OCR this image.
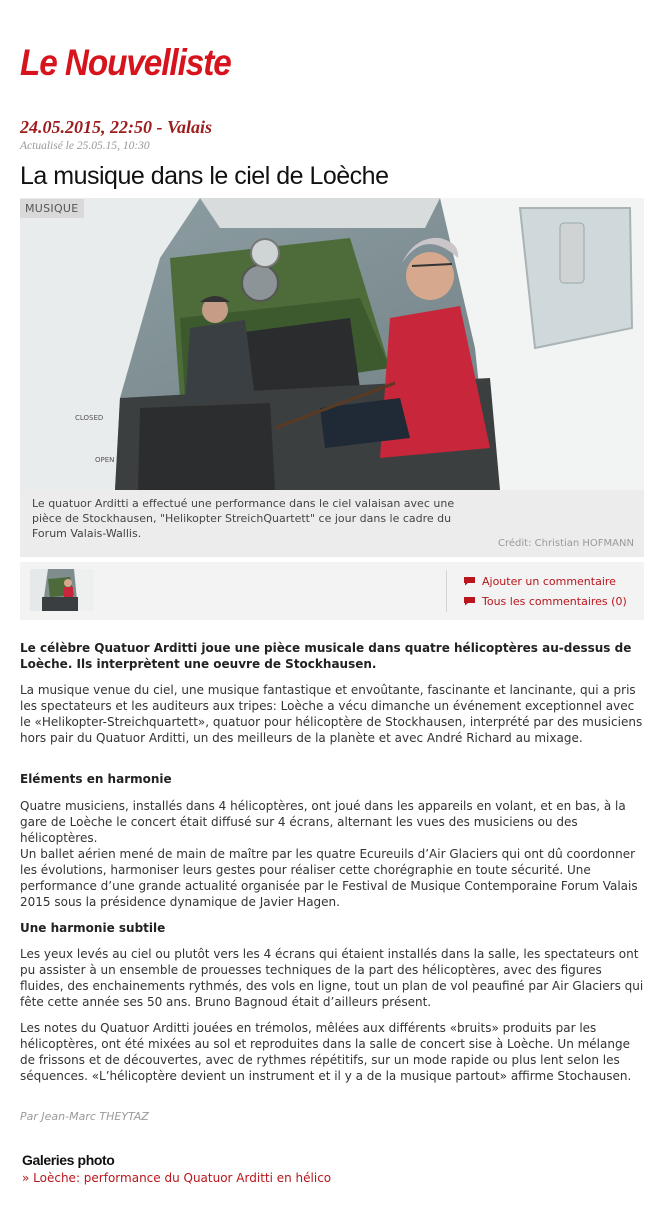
Le Nouvelliste
24.05.2015, 22:50 - Valais
Actualisé le 25.05.15, 10:30
La musique dans le ciel de Loèche
CLOSED
OPEN
MUSIQUE
Le quatuor Arditti a effectué une performance dans le ciel valaisan avec une pièce de Stockhausen, "Helikopter StreichQuartett" ce jour dans le cadre du Forum Valais-Wallis.
Crédit: Christian HOFMANN
Ajouter un commentaire
Tous les commentaires (0)

Le célèbre Quatuor Arditti joue une pièce musicale dans quatre hélicoptères au-dessus de Loèche. Ils interprètent une oeuvre de Stockhausen.

La musique venue du ciel, une musique fantastique et envoûtante, fascinante et lancinante, qui a pris les spectateurs et les auditeurs aux tripes: Loèche a vécu dimanche un événement exceptionnel avec le «Helikopter-Streichquartett», quatuor pour hélicoptère de Stockhausen, interprété par des musiciens hors pair du Quatuor Arditti, un des meilleurs de la planète et avec André Richard au mixage.

Eléments en harmonie

Quatre musiciens, installés dans 4 hélicoptères, ont joué dans les appareils en volant, et en bas, à la gare de Loèche le concert était diffusé sur 4 écrans, alternant les vues des musiciens ou des hélicoptères.

Un ballet aérien mené de main de maître par les quatre Ecureuils d’Air Glaciers qui ont dû coordonner les évolutions, harmoniser leurs gestes pour réaliser cette chorégraphie en toute sécurité. Une performance d’une grande actualité organisée par le Festival de Musique Contemporaine Forum Valais 2015 sous la présidence dynamique de Javier Hagen.

Une harmonie subtile

Les yeux levés au ciel ou plutôt vers les 4 écrans qui étaient installés dans la salle, les spectateurs ont pu assister à un ensemble de prouesses techniques de la part des hélicoptères, avec des figures fluides, des enchainements rythmés, des vols en ligne, tout un plan de vol peaufiné par Air Glaciers qui fête cette année ses 50 ans. Bruno Bagnoud était d’ailleurs présent.

Les notes du Quatuor Arditti jouées en trémolos, mêlées aux différents «bruits» produits par les hélicoptères, ont été mixées au sol et reproduites dans la salle de concert sise à Loèche. Un mélange de frissons et de découvertes, avec de rythmes répétitifs, sur un mode rapide ou plus lent selon les séquences. «L’hélicoptère devient un instrument et il y a de la musique partout» affirme Stochausen.

Par Jean-Marc THEYTAZ
Galeries photo
» Loèche: performance du Quatuor Arditti en hélico
